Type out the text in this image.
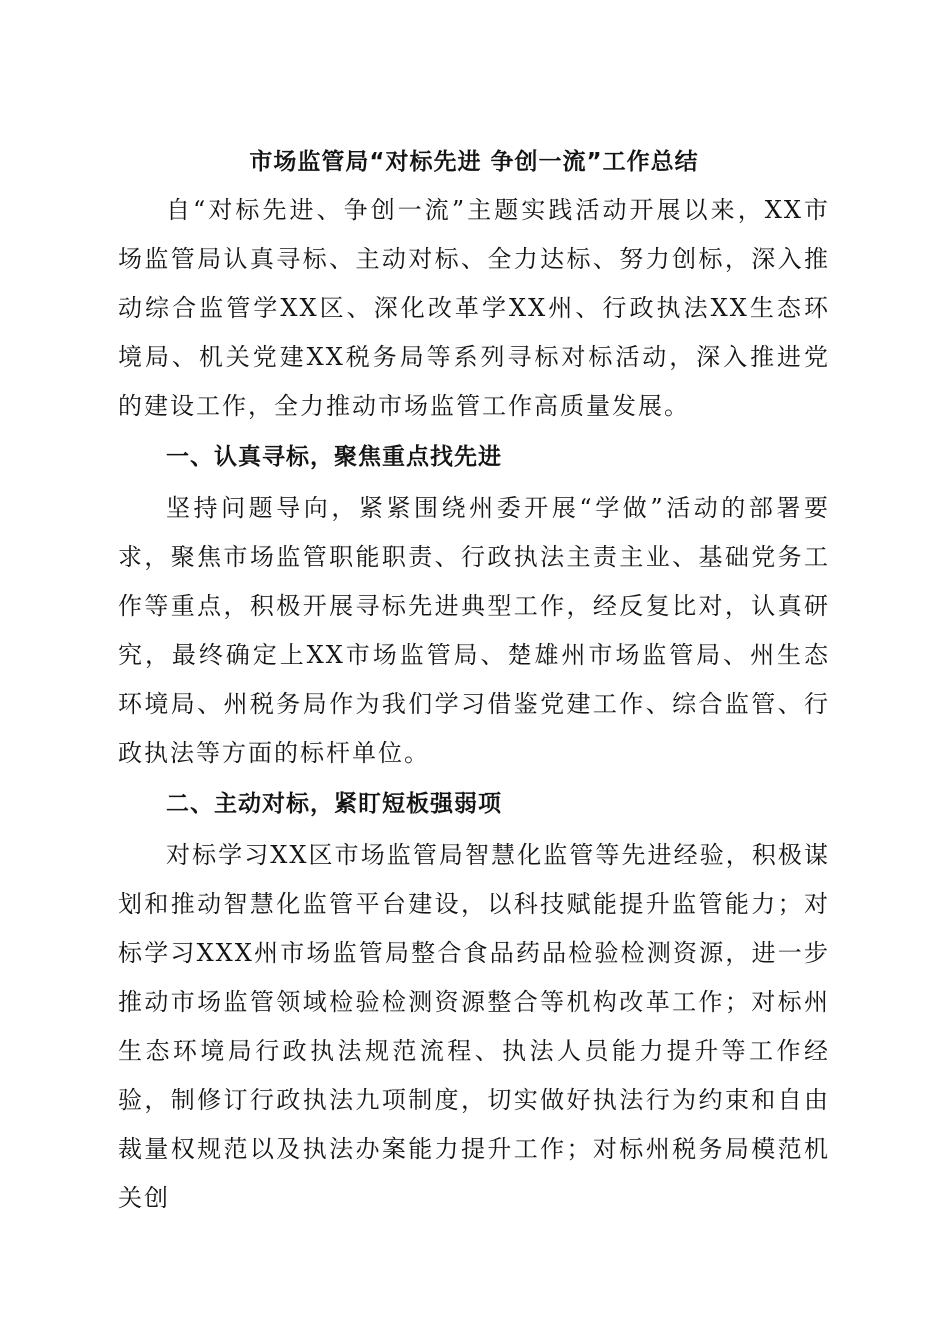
市场监管局“对标先进 争创一流”工作总结

自“对标先进、争创一流”主题实践活动开展以来，XX市场监管局认真寻标、主动对标、全力达标、努力创标，深入推动综合监管学XX区、深化改革学XX州、行政执法XX生态环境局、机关党建XX税务局等系列寻标对标活动，深入推进党的建设工作，全力推动市场监管工作高质量发展。

一、认真寻标，聚焦重点找先进

坚持问题导向，紧紧围绕州委开展“学做”活动的部署要求，聚焦市场监管职能职责、行政执法主责主业、基础党务工作等重点，积极开展寻标先进典型工作，经反复比对，认真研究，最终确定上XX市场监管局、楚雄州市场监管局、州生态环境局、州税务局作为我们学习借鉴党建工作、综合监管、行政执法等方面的标杆单位。

二、主动对标，紧盯短板强弱项

对标学习XX区市场监管局智慧化监管等先进经验，积极谋划和推动智慧化监管平台建设，以科技赋能提升监管能力；对标学习XXX州市场监管局整合食品药品检验检测资源，进一步推动市场监管领域检验检测资源整合等机构改革工作；对标州生态环境局行政执法规范流程、执法人员能力提升等工作经验，制修订行政执法九项制度，切实做好执法行为约束和自由裁量权规范以及执法办案能力提升工作；对标州税务局模范机关创
